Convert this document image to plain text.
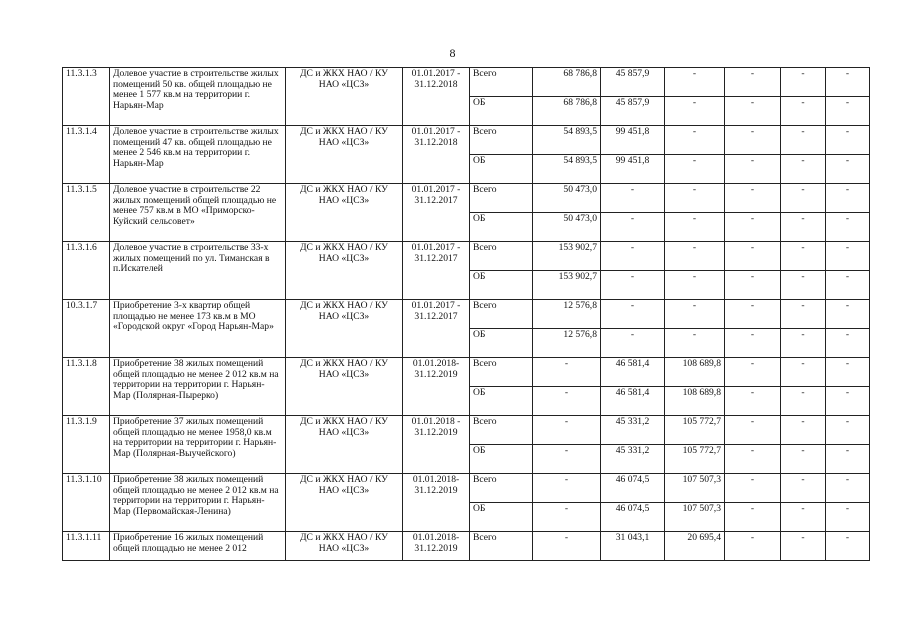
8
11.3.1.3	Долевое участие в строительстве жилых помещений 50 кв. общей площадью не менее 1 577 кв.м на территории г. Нарьян-Мар	ДС и ЖКХ НАО / КУ НАО «ЦСЗ»	01.01.2017 - 31.12.2018	Всего	68 786,8	45 857,9	-	-	-	-
				ОБ	68 786,8	45 857,9	-	-	-	-
11.3.1.4	Долевое участие в строительстве жилых помещений 47 кв. общей площадью не менее 2 546 кв.м на территории г. Нарьян-Мар	ДС и ЖКХ НАО / КУ НАО «ЦСЗ»	01.01.2017 - 31.12.2018	Всего	54 893,5	99 451,8	-	-	-	-
				ОБ	54 893,5	99 451,8	-	-	-	-
11.3.1.5	Долевое участие в строительстве 22 жилых помещений общей площадью не менее 757 кв.м в МО «Приморско-Куйский сельсовет»	ДС и ЖКХ НАО / КУ НАО «ЦСЗ»	01.01.2017 - 31.12.2017	Всего	50 473,0	-	-	-	-	-
				ОБ	50 473,0	-	-	-	-	-
11.3.1.6	Долевое участие в строительстве 33-х жилых помещений по ул. Тиманская в п.Искателей	ДС и ЖКХ НАО / КУ НАО «ЦСЗ»	01.01.2017 - 31.12.2017	Всего	153 902,7	-	-	-	-	-
				ОБ	153 902,7	-	-	-	-	-
10.3.1.7	Приобретение 3-х квартир общей площадью не менее 173 кв.м в МО «Городской округ «Город Нарьян-Мар»	ДС и ЖКХ НАО / КУ НАО «ЦСЗ»	01.01.2017 - 31.12.2017	Всего	12 576,8	-	-	-	-	-
				ОБ	12 576,8	-	-	-	-	-
11.3.1.8	Приобретение 38 жилых помещений общей площадью не менее 2 012 кв.м на территории на территории г. Нарьян-Мар (Полярная-Пырерко)	ДС и ЖКХ НАО / КУ НАО «ЦСЗ»	01.01.2018- 31.12.2019	Всего	-	46 581,4	108 689,8	-	-	-
				ОБ	-	46 581,4	108 689,8	-	-	-
11.3.1.9	Приобретение 37 жилых помещений общей площадью не менее 1958,0 кв.м на территории на территории г. Нарьян-Мар (Полярная-Выучейского)	ДС и ЖКХ НАО / КУ НАО «ЦСЗ»	01.01.2018 - 31.12.2019	Всего	-	45 331,2	105 772,7	-	-	-
				ОБ	-	45 331,2	105 772,7	-	-	-
11.3.1.10	Приобретение 38 жилых помещений общей площадью не менее 2 012 кв.м на территории на территории г. Нарьян-Мар (Первомайская-Ленина)	ДС и ЖКХ НАО / КУ НАО «ЦСЗ»	01.01.2018- 31.12.2019	Всего	-	46 074,5	107 507,3	-	-	-
				ОБ	-	46 074,5	107 507,3	-	-	-
11.3.1.11	Приобретение 16 жилых помещений общей площадью не менее 2 012	ДС и ЖКХ НАО / КУ НАО «ЦСЗ»	01.01.2018- 31.12.2019	Всего	-	31 043,1	20 695,4	-	-	-
